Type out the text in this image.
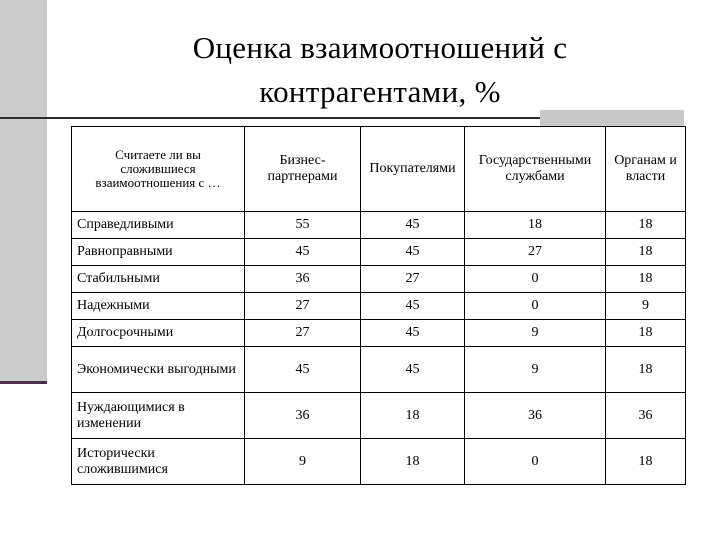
Оценка взаимоотношений с
контрагентами, %
Считаете ли вы сложившиеся взаимоотношения с …	Бизнес-партнерами	Покупателями	Государственными службами	Органам и власти
Справедливыми	55	45	18	18
Равноправными	45	45	27	18
Стабильными	36	27	0	18
Надежными	27	45	0	9
Долгосрочными	27	45	9	18
Экономически выгодными	45	45	9	18
Нуждающимися в изменении	36	18	36	36
Исторически сложившимися	9	18	0	18
